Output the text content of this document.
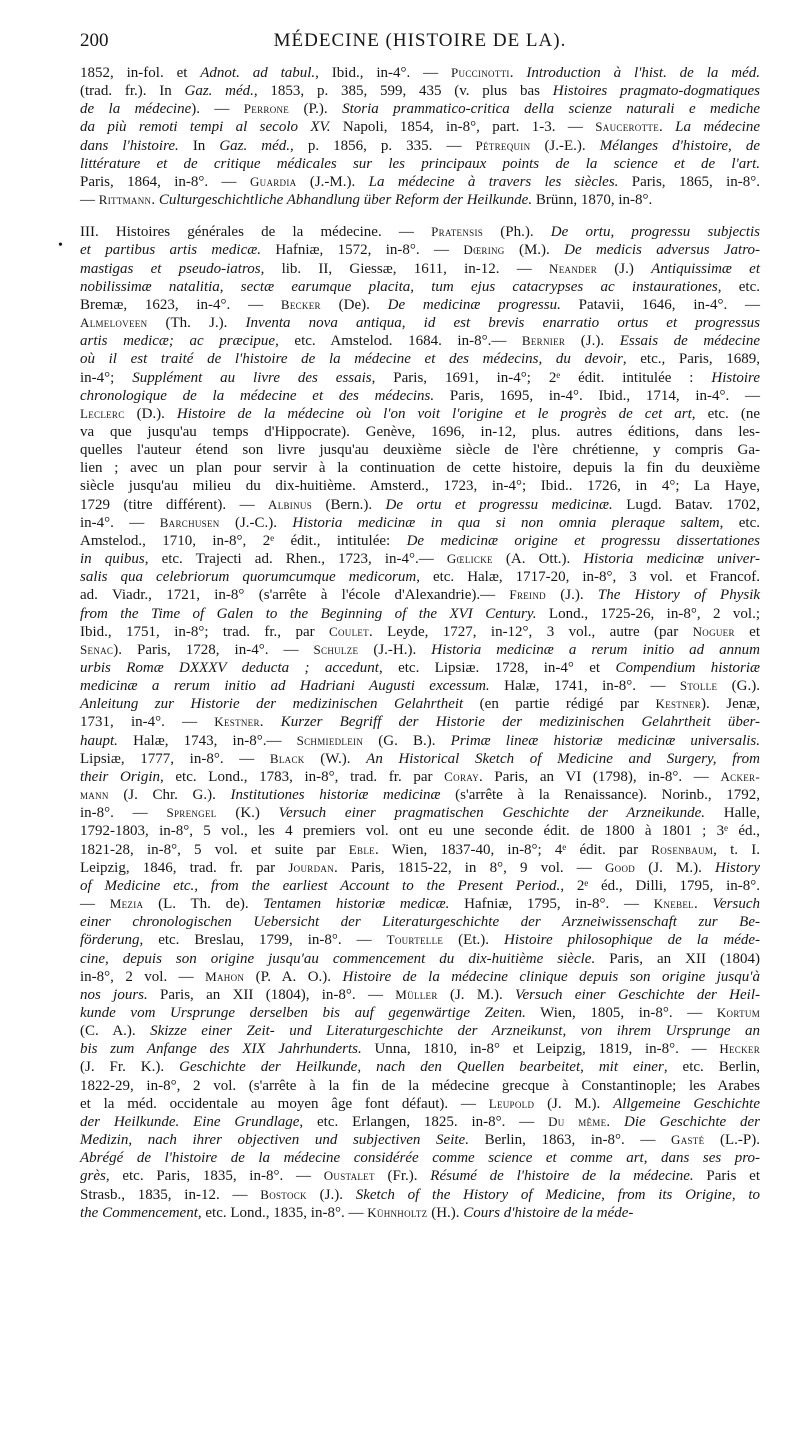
200	MÉDECINE (HISTOIRE DE LA).
•
1852, in-fol. et Adnot. ad tabul., Ibid., in-4°. — Puccinotti. Introduction à l'hist. de la méd.
(trad. fr.). In Gaz. méd., 1853, p. 385, 599, 435 (v. plus bas Histoires pragmato-dogmatiques
de la médecine). — Perrone (P.). Storia prammatico-critica della scienze naturali e mediche
da più remoti tempi al secolo XV. Napoli, 1854, in-8°, part. 1-3. — Saucerotte. La médecine
dans l'histoire. In Gaz. méd., p. 1856, p. 335. — Pétrequin (J.-E.). Mélanges d'histoire, de
littérature et de critique médicales sur les principaux points de la science et de l'art.
Paris, 1864, in-8°. — Guardia (J.-M.). La médecine à travers les siècles. Paris, 1865, in-8°.
— Rittmann. Culturgeschichtliche Abhandlung über Reform der Heilkunde. Brünn, 1870, in-8°.
III. Histoires générales de la médecine. — Pratensis (Ph.). De ortu, progressu subjectis
et partibus artis medicæ. Hafniæ, 1572, in-8°. — Dœring (M.). De medicis adversus Jatro-
mastigas et pseudo-iatros, lib. II, Giessæ, 1611, in-12. — Neander (J.) Antiquissimæ et
nobilissimæ natalitia, sectæ earumque placita, tum ejus catacrypses ac instaurationes, etc.
Bremæ, 1623, in-4°. — Becker (De). De medicinæ progressu. Patavii, 1646, in-4°. —
Almeloveen (Th. J.). Inventa nova antiqua, id est brevis enarratio ortus et progressus
artis medicæ; ac præcipue, etc. Amstelod. 1684. in-8°.— Bernier (J.). Essais de médecine
où il est traité de l'histoire de la médecine et des médecins, du devoir, etc., Paris, 1689,
in-4°; Supplément au livre des essais, Paris, 1691, in-4°; 2ᵉ édit. intitulée : Histoire
chronologique de la médecine et des médecins. Paris, 1695, in-4°. Ibid., 1714, in-4°. —
Leclerc (D.). Histoire de la médecine où l'on voit l'origine et le progrès de cet art, etc. (ne
va que jusqu'au temps d'Hippocrate). Genève, 1696, in-12, plus. autres éditions, dans les-
quelles l'auteur étend son livre jusqu'au deuxième siècle de l'ère chrétienne, y compris Ga-
lien ; avec un plan pour servir à la continuation de cette histoire, depuis la fin du deuxième
siècle jusqu'au milieu du dix-huitième. Amsterd., 1723, in-4°; Ibid.. 1726, in 4°; La Haye,
1729 (titre différent). — Albinus (Bern.). De ortu et progressu medicinæ. Lugd. Batav. 1702,
in-4°. — Barchusen (J.-C.). Historia medicinæ in qua si non omnia pleraque saltem, etc.
Amstelod., 1710, in-8°, 2ᵉ édit., intitulée: De medicinæ origine et progressu dissertationes
in quibus, etc. Trajecti ad. Rhen., 1723, in-4°.— Gœlicke (A. Ott.). Historia medicinæ univer-
salis qua celebriorum quorumcumque medicorum, etc. Halæ, 1717-20, in-8°, 3 vol. et Francof.
ad. Viadr., 1721, in-8° (s'arrête à l'école d'Alexandrie).— Freind (J.). The History of Physik
from the Time of Galen to the Beginning of the XVI Century. Lond., 1725-26, in-8°, 2 vol.;
Ibid., 1751, in-8°; trad. fr., par Coulet. Leyde, 1727, in-12°, 3 vol., autre (par Noguer et
Senac). Paris, 1728, in-4°. — Schulze (J.-H.). Historia medicinæ a rerum initio ad annum
urbis Romæ DXXXV deducta ; accedunt, etc. Lipsiæ. 1728, in-4° et Compendium historiæ
medicinæ a rerum initio ad Hadriani Augusti excessum. Halæ, 1741, in-8°. — Stolle (G.).
Anleitung zur Historie der medizinischen Gelahrtheit (en partie rédigé par Kestner). Jenæ,
1731, in-4°. — Kestner. Kurzer Begriff der Historie der medizinischen Gelahrtheit über-
haupt. Halæ, 1743, in-8°.— Schmiedlein (G. B.). Primæ lineæ historiæ medicinæ universalis.
Lipsiæ, 1777, in-8°. — Black (W.). An Historical Sketch of Medicine and Surgery, from
their Origin, etc. Lond., 1783, in-8°, trad. fr. par Coray. Paris, an VI (1798), in-8°. — Acker-
mann (J. Chr. G.). Institutiones historiæ medicinæ (s'arrête à la Renaissance). Norinb., 1792,
in-8°. — Sprengel (K.) Versuch einer pragmatischen Geschichte der Arzneikunde. Halle,
1792-1803, in-8°, 5 vol., les 4 premiers vol. ont eu une seconde édit. de 1800 à 1801 ; 3ᵉ éd.,
1821-28, in-8°, 5 vol. et suite par Eble. Wien, 1837-40, in-8°; 4ᵉ édit. par Rosenbaum, t. I.
Leipzig, 1846, trad. fr. par Jourdan. Paris, 1815-22, in 8°, 9 vol. — Good (J. M.). History
of Medicine etc., from the earliest Account to the Present Period., 2ᵉ éd., Dilli, 1795, in-8°.
— Mezia (L. Th. de). Tentamen historiæ medicæ. Hafniæ, 1795, in-8°. — Knebel. Versuch
einer chronologischen Uebersicht der Literaturgeschichte der Arzneiwissenschaft zur Be-
förderung, etc. Breslau, 1799, in-8°. — Tourtelle (Et.). Histoire philosophique de la méde-
cine, depuis son origine jusqu'au commencement du dix-huitième siècle. Paris, an XII (1804)
in-8°, 2 vol. — Mahon (P. A. O.). Histoire de la médecine clinique depuis son origine jusqu'à
nos jours. Paris, an XII (1804), in-8°. — Müller (J. M.). Versuch einer Geschichte der Heil-
kunde vom Ursprunge derselben bis auf gegenwärtige Zeiten. Wien, 1805, in-8°. — Kortum
(C. A.). Skizze einer Zeit- und Literaturgeschichte der Arzneikunst, von ihrem Ursprunge an
bis zum Anfange des XIX Jahrhunderts. Unna, 1810, in-8° et Leipzig, 1819, in-8°. — Hecker
(J. Fr. K.). Geschichte der Heilkunde, nach den Quellen bearbeitet, mit einer, etc. Berlin,
1822-29, in-8°, 2 vol. (s'arrête à la fin de la médecine grecque à Constantinople; les Arabes
et la méd. occidentale au moyen âge font défaut). — Leupold (J. M.). Allgemeine Geschichte
der Heilkunde. Eine Grundlage, etc. Erlangen, 1825. in-8°. — Du même. Die Geschichte der
Medizin, nach ihrer objectiven und subjectiven Seite. Berlin, 1863, in-8°. — Gasté (L.-P).
Abrégé de l'histoire de la médecine considérée comme science et comme art, dans ses pro-
grès, etc. Paris, 1835, in-8°. — Oustalet (Fr.). Résumé de l'histoire de la médecine. Paris et
Strasb., 1835, in-12. — Bostock (J.). Sketch of the History of Medicine, from its Origine, to
the Commencement, etc. Lond., 1835, in-8°. — Kühnholtz (H.). Cours d'histoire de la méde-
